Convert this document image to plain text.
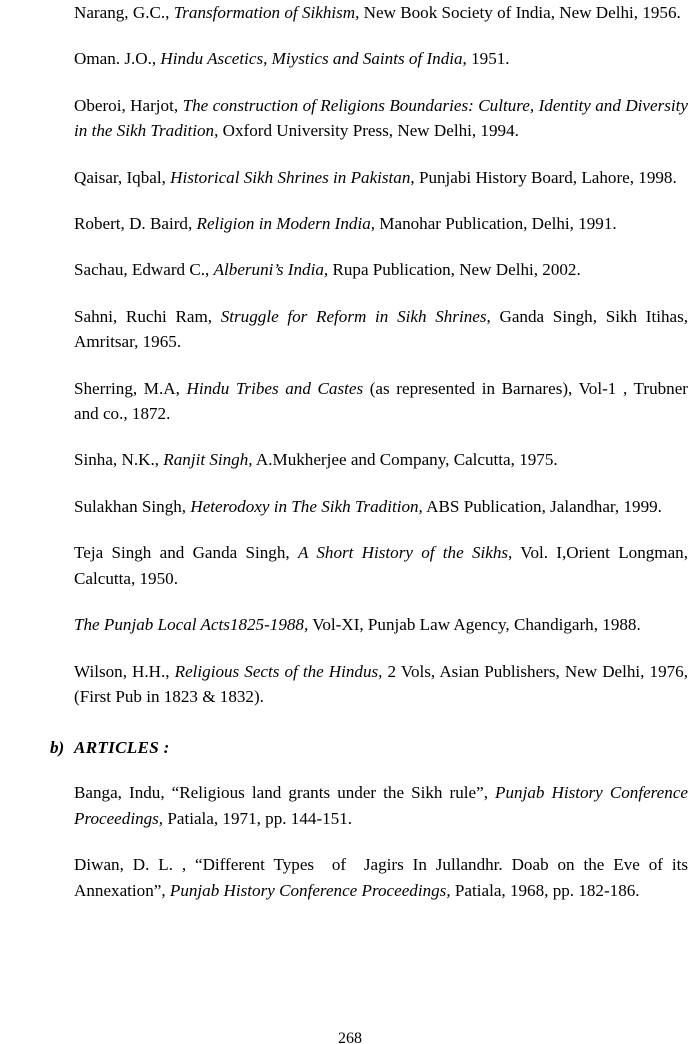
Narang, G.C., Transformation of Sikhism, New Book Society of India, New Delhi, 1956.

Oman. J.O., Hindu Ascetics, Miystics and Saints of India, 1951.

Oberoi, Harjot, The construction of Religions Boundaries: Culture, Identity and Diversity in the Sikh Tradition, Oxford University Press, New Delhi, 1994.

Qaisar, Iqbal, Historical Sikh Shrines in Pakistan, Punjabi History Board, Lahore, 1998.

Robert, D. Baird, Religion in Modern India, Manohar Publication, Delhi, 1991.

Sachau, Edward C., Alberuni’s India, Rupa Publication, New Delhi, 2002.

Sahni, Ruchi Ram, Struggle for Reform in Sikh Shrines, Ganda Singh, Sikh Itihas, Amritsar, 1965.

Sherring, M.A, Hindu Tribes and Castes (as represented in Barnares), Vol-1 , Trubner and co., 1872.

Sinha, N.K., Ranjit Singh, A.Mukherjee and Company, Calcutta, 1975.

Sulakhan Singh, Heterodoxy in The Sikh Tradition, ABS Publication, Jalandhar, 1999.

Teja Singh and Ganda Singh, A Short History of the Sikhs, Vol. I,Orient Longman, Calcutta, 1950.

The Punjab Local Acts1825-1988, Vol-XI, Punjab Law Agency, Chandigarh, 1988.

Wilson, H.H., Religious Sects of the Hindus, 2 Vols, Asian Publishers, New Delhi, 1976, (First Pub in 1823 & 1832).

b) ARTICLES :

Banga, Indu, “Religious land grants under the Sikh rule”, Punjab History Conference Proceedings, Patiala, 1971, pp. 144-151.

Diwan, D. L. , “Different Types  of  Jagirs In Jullandhr. Doab on the Eve of its Annexation”, Punjab History Conference Proceedings, Patiala, 1968, pp. 182-186.

268
